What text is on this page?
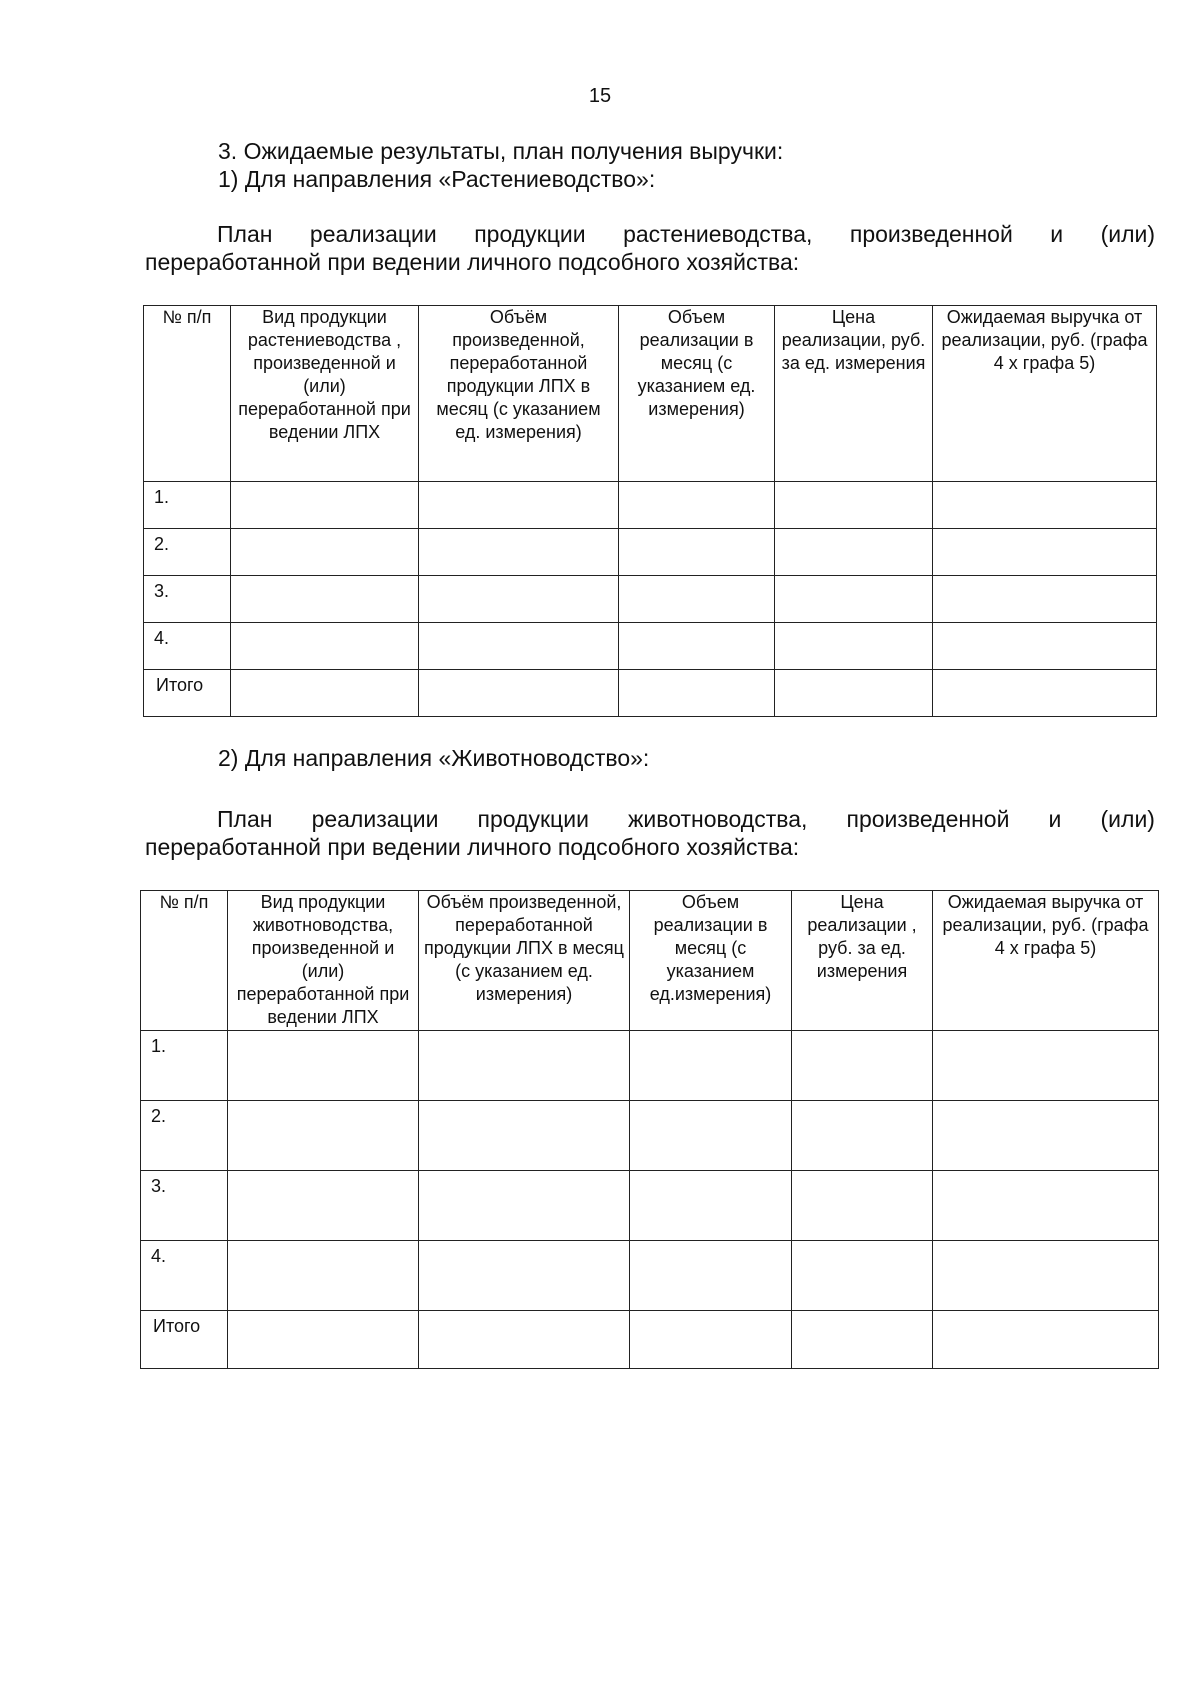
15
3. Ожидаемые результаты, план получения выручки:
1) Для направления «Растениеводство»:
План реализации продукции растениеводства, произведенной и (или)
переработанной при ведении личного подсобного хозяйства:
№ п/п	Вид продукции растениеводства , произведенной и (или) переработанной при ведении ЛПХ	Объём произведенной, переработанной продукции ЛПХ в месяц (с указанием ед. измерения)	Объем реализации в месяц (с указанием ед. измерения)	Цена реализации, руб. за ед. измерения	Ожидаемая выручка от реализации, руб. (графа 4 x графа 5)
1.					
2.					
3.					
4.					
Итого					
2) Для направления «Животноводство»:
План реализации продукции животноводства, произведенной и (или)
переработанной при ведении личного подсобного хозяйства:
№ п/п	Вид продукции животноводства, произведенной и (или) переработанной при ведении ЛПХ	Объём произведенной, переработанной продукции ЛПХ в месяц (с указанием ед. измерения)	Объем реализации в месяц (с указанием ед.измерения)	Цена реализации , руб. за ед. измерения	Ожидаемая выручка от реализации, руб. (графа 4 x графа 5)
1.					
2.					
3.					
4.					
Итого					
